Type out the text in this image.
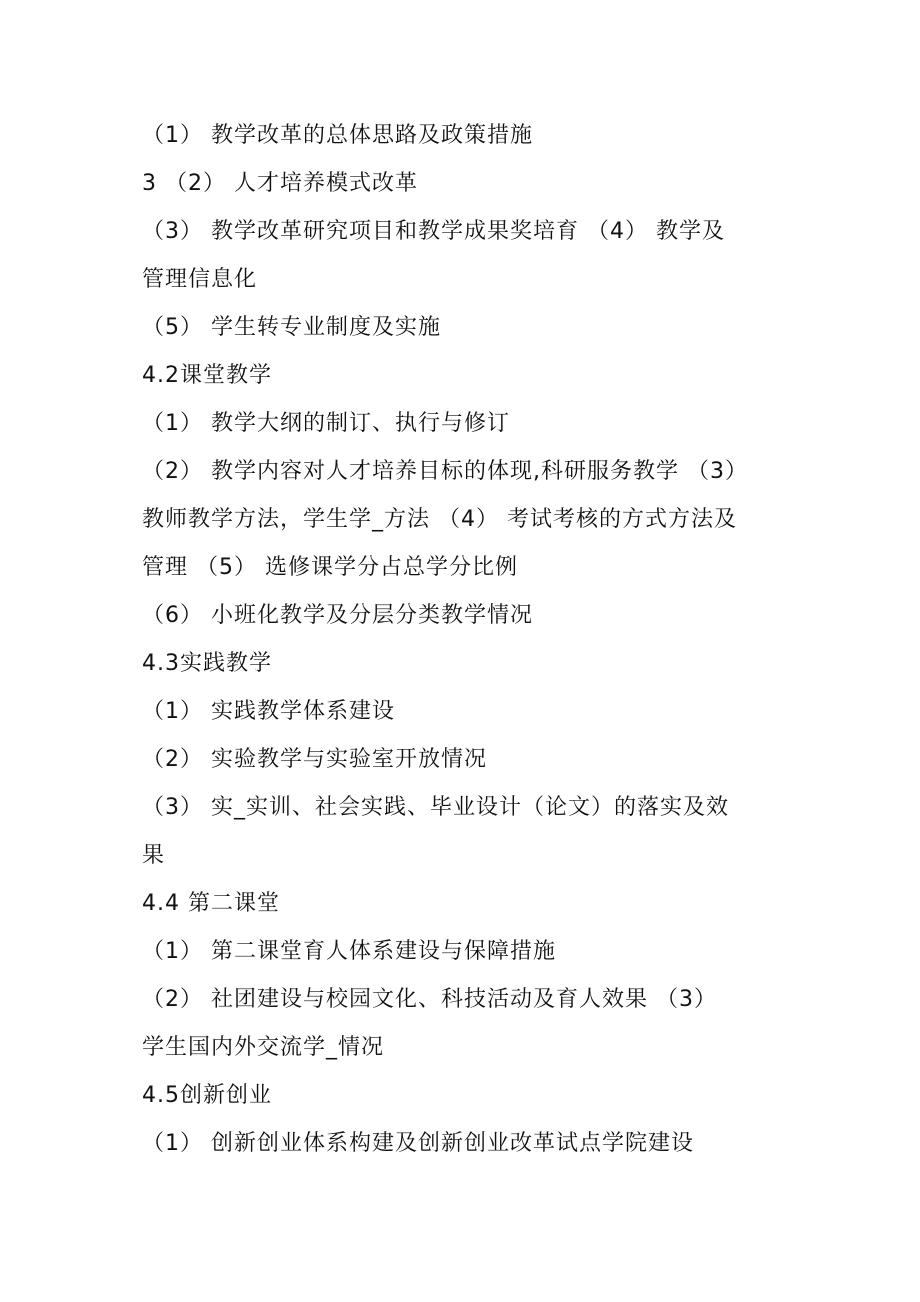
（1） 教学改革的总体思路及政策措施
3 （2） 人才培养模式改革
（3） 教学改革研究项目和教学成果奖培育 （4） 教学及
管理信息化
（5） 学生转专业制度及实施
4.2课堂教学
（1） 教学大纲的制订、执行与修订
（2） 教学内容对人才培养目标的体现,科研服务教学 （3）
教师教学方法，学生学_方法 （4） 考试考核的方式方法及
管理 （5） 选修课学分占总学分比例
（6） 小班化教学及分层分类教学情况
4.3实践教学
（1） 实践教学体系建设
（2） 实验教学与实验室开放情况
（3） 实_实训、社会实践、毕业设计（论文）的落实及效
果
4.4 第二课堂
（1） 第二课堂育人体系建设与保障措施
（2） 社团建设与校园文化、科技活动及育人效果 （3）
学生国内外交流学_情况
4.5创新创业
（1） 创新创业体系构建及创新创业改革试点学院建设
